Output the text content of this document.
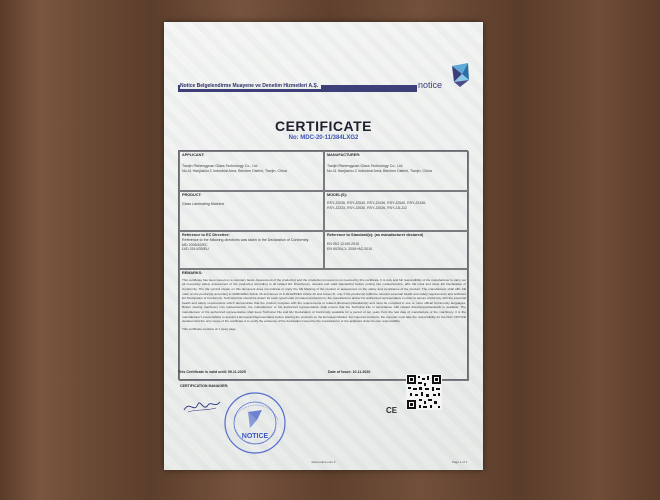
Notice Belgelendirme Muayene ve Denetim Hizmetleri A.Ş.	notice
CERTIFICATE
No: MDC-20-11/384LXG2
APPLICANT:
Tianjin Rishengyuan Glass Technology Co., Ltd
No.41 Hanjiashu C Industrial Area, Beichen District, Tianjin, China
MANUFACTURER:
Tianjin Rishengyuan Glass Technology Co., Ltd
No.41 Hanjiashu C Industrial Area, Beichen District, Tianjin, China
PRODUCT:
Glass Laminating Machine
MODEL(S):
RSY-J2036, RSY-J2540, RSY-J2436, RSY-J2540, RSY-J2436,
RSY-J2233, RSY-J2030, RSY-J2026, RSY-JJL-D2
Reference to EC Directive:
Reference to the following directives was taken in the Declaration of Conformity:
MD 2006/42/EC
LVD 2014/35/EU
Reference to Standard(s): (as manufacturer declared)
EN ISO 12100:2010
EN 60204-1: 2006+AC:2010
REMARKS:
This certificate has been issued on a voluntary basis. Assessment of the product(s) and the production process is not covered by this certificate. It is duty and full responsibility of the manufacturer to carry out all necessary safety assessment of the product(s) according to all related EC Directive(s), relevant and valid standard(s) before putting into market/service, affix CE mark and issue EU Declaration of Conformity. The CE symbol shown on this document does not indicate or imply the CE Marking of the product or assessment on the safety and compliance of the product. The manufacturer shall affix CE mark on the product(s) according to 2006/42/EC Article 16 and Annex III & 2014/35/EU Article 16 and Annex III, only if the product(s) fulfill the relevant essential health and safety requirements and sufficient EU Declaration of Conformity. Technical File should be drawn for each type/model of related product(s) by the manufacturer and/or his authorized representative in order to assure conformity with the essential health and safety requirements which demonstrate that the product complies with the requirements of related directive(s)/standard(s) and must be complied in one or more official Community languages. Before placing machinery into market/service, the manufacturer or his authorized representative shall ensure that the Technical File in accordance with related directive(s)/standards is available. The manufacturer or his authorized representative shall keep Technical File and EU Declaration of Conformity available for a period of ten years from the last date of manufacture of the machinery. It is the manufacturer's responsibility to appoint a European Representative before placing the products on the European Market. For imported products, the importer must take the responsibility for the DoC. NOTICE declares that the only scope of the certificate is to verify the existence of the declaration issued by the manufacturer or the applicant under its own responsibility.
This certificate consists of 1 (one) page
This Certificate is valid until: 09.11.2025	Date of Issue: 10.11.2020
CERTIFICATION MANAGER:
NOTICE
CE
www.notice.com.tr	Page 1 of 1
